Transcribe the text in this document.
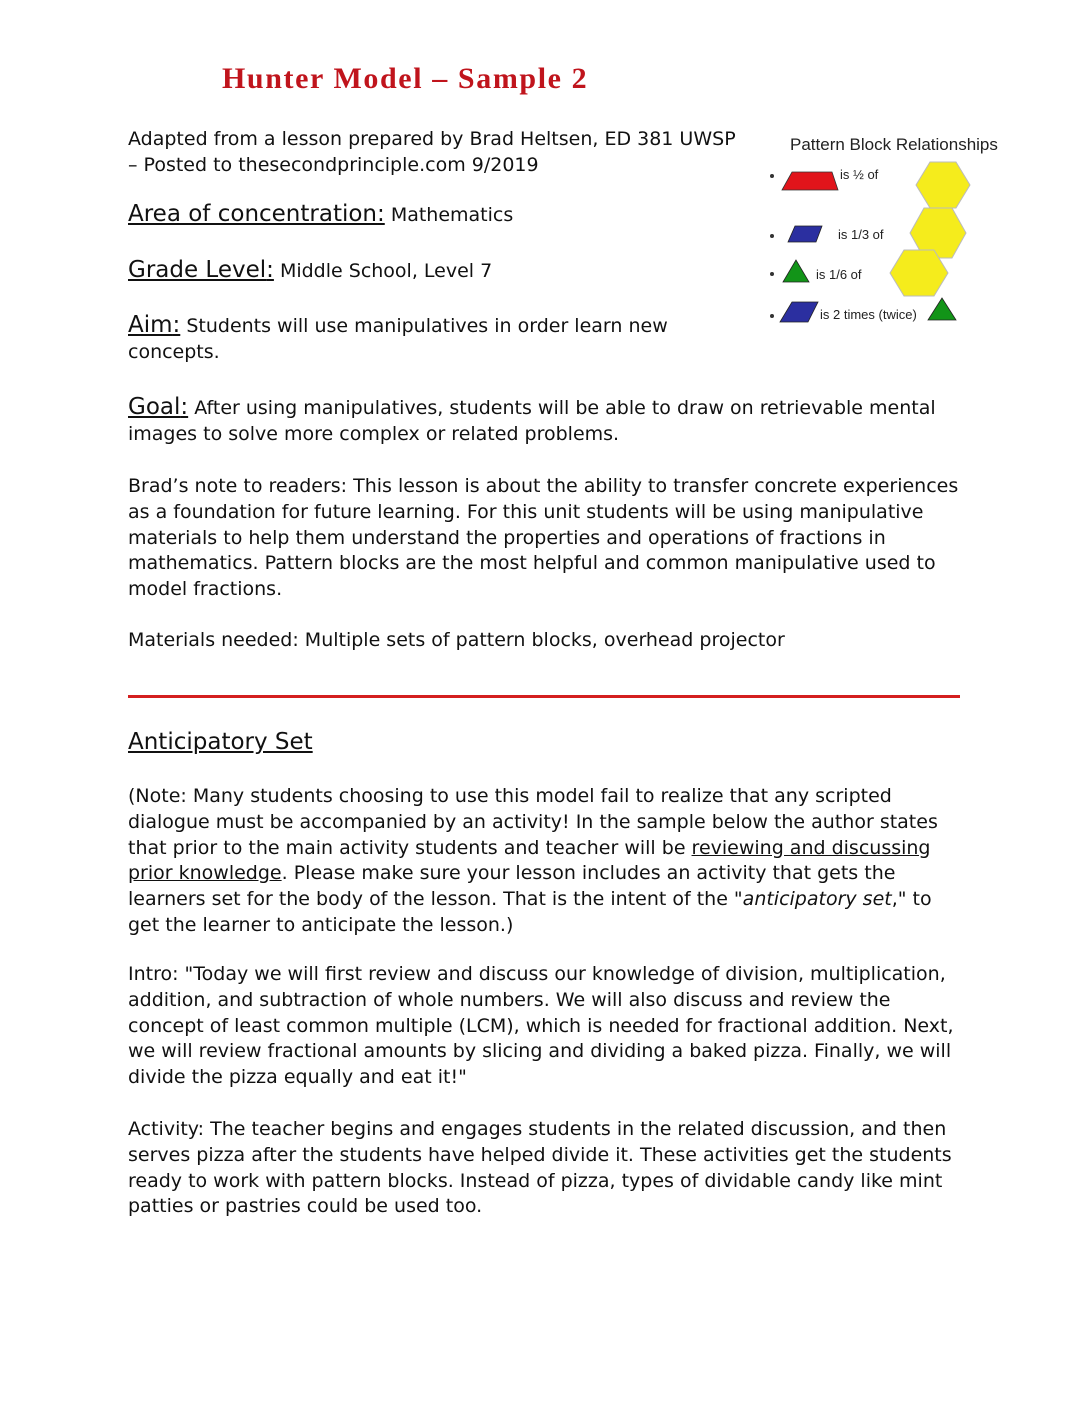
Hunter Model – Sample 2
Adapted from a lesson prepared by Brad Heltsen, ED 381 UWSP
– Posted to thesecondprinciple.com 9/2019
Area of concentration: Mathematics
Grade Level: Middle School, Level 7
Aim: Students will use manipulatives in order learn new
concepts.
Goal: After using manipulatives, students will be able to draw on retrievable mental
images to solve more complex or related problems.
Brad’s note to readers: This lesson is about the ability to transfer concrete experiences
as a foundation for future learning. For this unit students will be using manipulative
materials to help them understand the properties and operations of fractions in
mathematics. Pattern blocks are the most helpful and common manipulative used to
model fractions.
Materials needed: Multiple sets of pattern blocks, overhead projector
Pattern Block Relationships
is ½ of
is 1/3 of
is 1/6 of
is 2 times (twice)
Anticipatory Set
(Note: Many students choosing to use this model fail to realize that any scripted
dialogue must be accompanied by an activity! In the sample below the author states
that prior to the main activity students and teacher will be reviewing and discussing
prior knowledge. Please make sure your lesson includes an activity that gets the
learners set for the body of the lesson. That is the intent of the "anticipatory set," to
get the learner to anticipate the lesson.)
Intro: "Today we will first review and discuss our knowledge of division, multiplication,
addition, and subtraction of whole numbers. We will also discuss and review the
concept of least common multiple (LCM), which is needed for fractional addition. Next,
we will review fractional amounts by slicing and dividing a baked pizza. Finally, we will
divide the pizza equally and eat it!"
Activity: The teacher begins and engages students in the related discussion, and then
serves pizza after the students have helped divide it. These activities get the students
ready to work with pattern blocks. Instead of pizza, types of dividable candy like mint
patties or pastries could be used too.
